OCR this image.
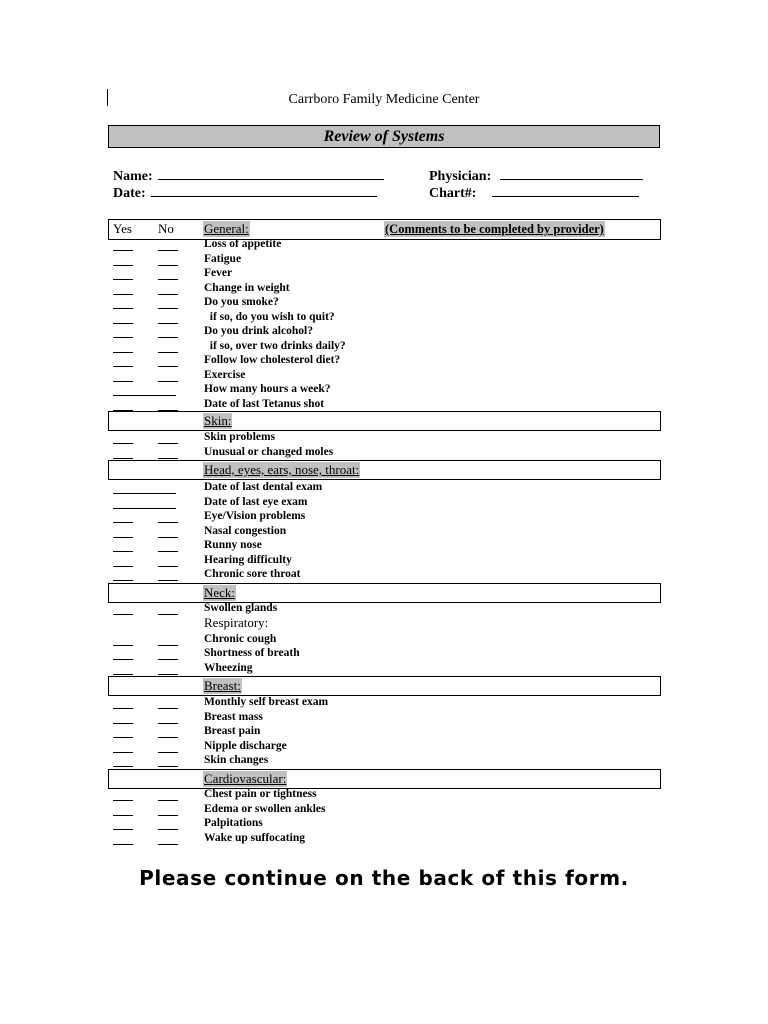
Carrboro Family Medicine Center
Review of Systems
Name:
Date:
Physician:
Chart#:
Yes No	(Comments to be completed by provider)
General:
Loss of appetite
Fatigue
Fever
Change in weight
Do you smoke?
if so, do you wish to quit?
Do you drink alcohol?
if so, over two drinks daily?
Follow low cholesterol diet?
Exercise
How many hours a week?
Date of last Tetanus shot
Skin:
Skin problems
Unusual or changed moles
Head, eyes, ears, nose, throat:
Date of last dental exam
Date of last eye exam
Eye/Vision problems
Nasal congestion
Runny nose
Hearing difficulty
Chronic sore throat
Neck:
Swollen glands
Respiratory:
Chronic cough
Shortness of breath
Wheezing
Breast:
Monthly self breast exam
Breast mass
Breast pain
Nipple discharge
Skin changes
Cardiovascular:
Chest pain or tightness
Edema or swollen ankles
Palpitations
Wake up suffocating
Please continue on the back of this form.
